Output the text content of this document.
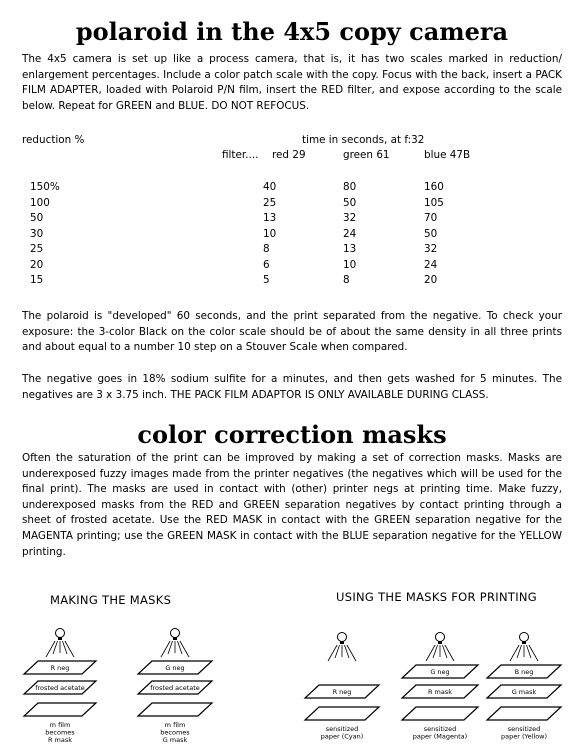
polaroid in the 4x5 copy camera
The 4x5 camera is set up like a process camera, that is, it has two scales marked in reduction/ enlargement percentages. Include a color patch scale with the copy. Focus with the back, insert a PACK FILM ADAPTER, loaded with Polaroid P/N film, insert the RED filter, and expose according to the scale below. Repeat for GREEN and BLUE. DO NOT REFOCUS.
reduction %	time in seconds, at f:32
filter.... red 29	green 61	blue 47B
150%	40	80	160
100	25	50	105
50	13	32	70
30	10	24	50
25	8	13	32
20	6	10	24
15	5	8	20
The polaroid is "developed" 60 seconds, and the print separated from the negative. To check your exposure: the 3-color Black on the color scale should be of about the same density in all three prints and about equal to a number 10 step on a Stouver Scale when compared.
The negative goes in 18% sodium sulfite for a minutes, and then gets washed for 5 minutes. The negatives are 3 x 3.75 inch. THE PACK FILM ADAPTOR IS ONLY AVAILABLE DURING CLASS.
color correction masks
Often the saturation of the print can be improved by making a set of correction masks. Masks are underexposed fuzzy images made from the printer negatives (the negatives which will be used for the final print). The masks are used in contact with (other) printer negs at printing time. Make fuzzy, underexposed masks from the RED and GREEN separation negatives by contact printing through a sheet of frosted acetate. Use the RED MASK in contact with the GREEN separation negative for the MAGENTA printing; use the GREEN MASK in contact with the BLUE separation negative for the YELLOW printing.
MAKING THE MASKS	USING THE MASKS FOR PRINTING
R neg
frosted acetate
m film
becomes
R mask
G neg
frosted acetate
m film
becomes
G mask
R neg
sensitized
paper (Cyan)
G neg
R mask
sensitized
paper (Magenta)
B neg
G mask
sensitized
paper (Yellow)
